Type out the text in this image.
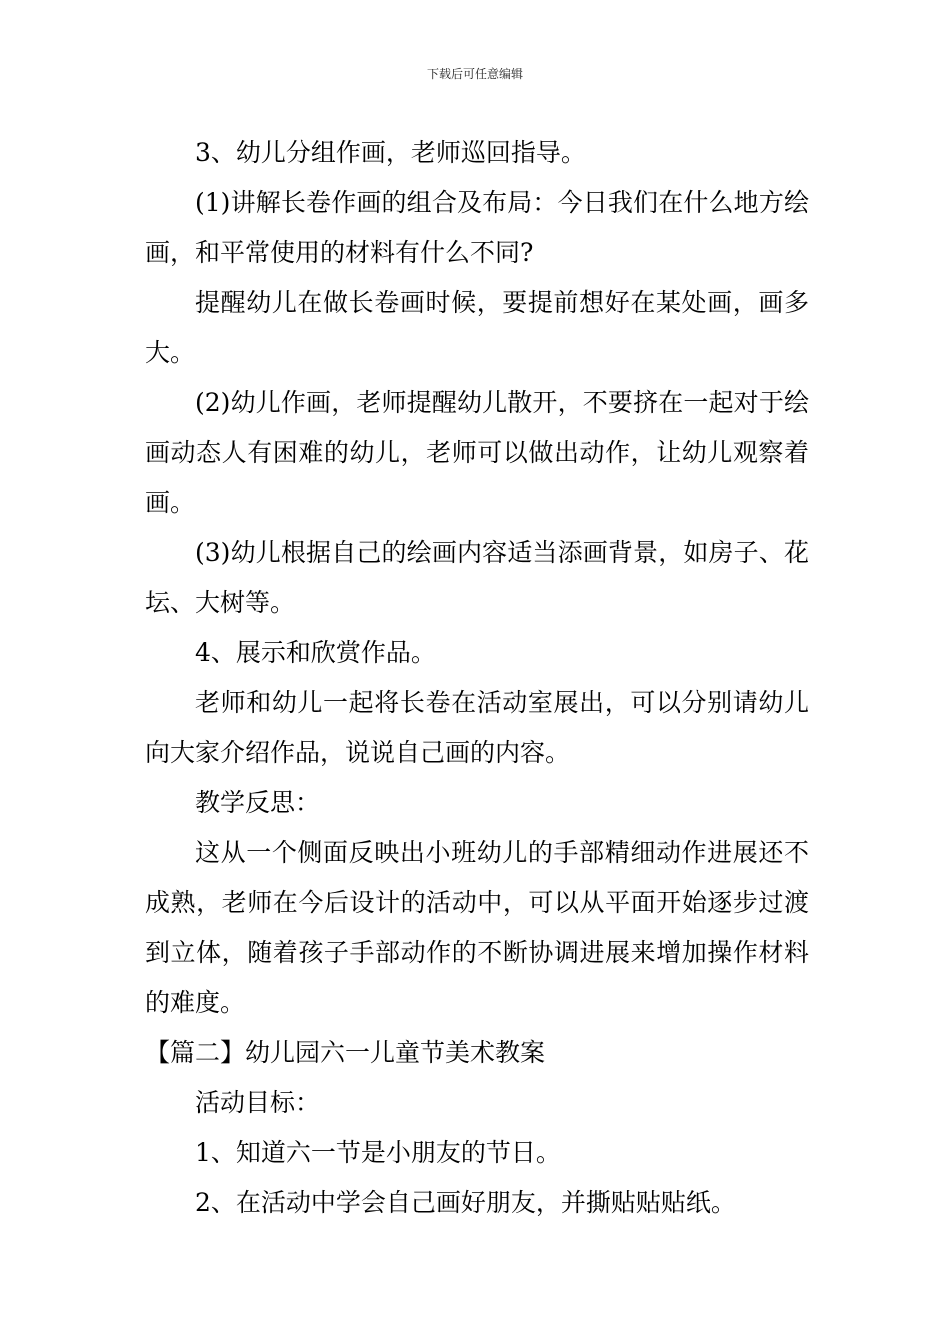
下载后可任意编辑

3、幼儿分组作画，老师巡回指导。

(1)讲解长卷作画的组合及布局：今日我们在什么地方绘画，和平常使用的材料有什么不同?

提醒幼儿在做长卷画时候，要提前想好在某处画，画多大。

(2)幼儿作画，老师提醒幼儿散开，不要挤在一起对于绘画动态人有困难的幼儿，老师可以做出动作，让幼儿观察着画。

(3)幼儿根据自己的绘画内容适当添画背景，如房子、花坛、大树等。

4、展示和欣赏作品。

老师和幼儿一起将长卷在活动室展出，可以分别请幼儿向大家介绍作品，说说自己画的内容。

教学反思：

这从一个侧面反映出小班幼儿的手部精细动作进展还不成熟，老师在今后设计的活动中，可以从平面开始逐步过渡到立体，随着孩子手部动作的不断协调进展来增加操作材料的难度。

【篇二】幼儿园六一儿童节美术教案

活动目标：

1、知道六一节是小朋友的节日。

2、在活动中学会自己画好朋友，并撕贴贴贴纸。
